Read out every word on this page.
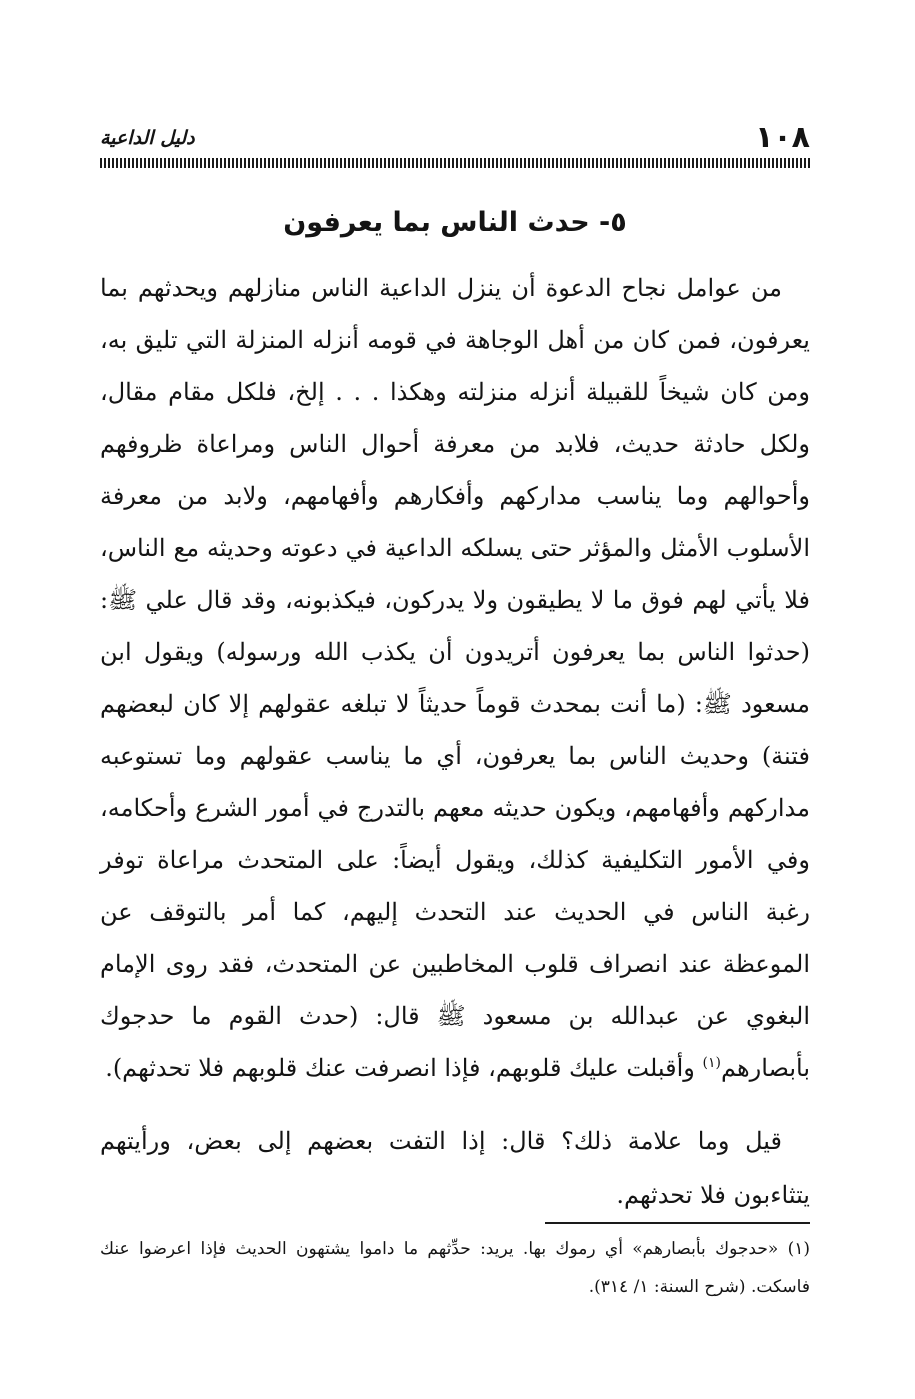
١٠٨
دليل الداعية
٥- حدث الناس بما يعرفون

من عوامل نجاح الدعوة أن ينزل الداعية الناس منازلهم ويحدثهم بما يعرفون، فمن كان من أهل الوجاهة في قومه أنزله المنزلة التي تليق به، ومن كان شيخاً للقبيلة أنزله منزلته وهكذا . . . إلخ، فلكل مقام مقال، ولكل حادثة حديث، فلابد من معرفة أحوال الناس ومراعاة ظروفهم وأحوالهم وما يناسب مداركهم وأفكارهم وأفهامهم، ولابد من معرفة الأسلوب الأمثل والمؤثر حتى يسلكه الداعية في دعوته وحديثه مع الناس، فلا يأتي لهم فوق ما لا يطيقون ولا يدركون، فيكذبونه، وقد قال علي ﷺ: (حدثوا الناس بما يعرفون أتريدون أن يكذب الله ورسوله) ويقول ابن مسعود ﷺ: (ما أنت بمحدث قوماً حديثاً لا تبلغه عقولهم إلا كان لبعضهم فتنة) وحديث الناس بما يعرفون، أي ما يناسب عقولهم وما تستوعبه مداركهم وأفهامهم، ويكون حديثه معهم بالتدرج في أمور الشرع وأحكامه، وفي الأمور التكليفية كذلك، ويقول أيضاً: على المتحدث مراعاة توفر رغبة الناس في الحديث عند التحدث إليهم، كما أمر بالتوقف عن الموعظة عند انصراف قلوب المخاطبين عن المتحدث، فقد روى الإمام البغوي عن عبدالله بن مسعود ﷺ قال: (حدث القوم ما حدجوك بأبصارهم$^{(١)}$ وأقبلت عليك قلوبهم، فإذا انصرفت عنك قلوبهم فلا تحدثهم).

قيل وما علامة ذلك؟ قال: إذا التفت بعضهم إلى بعض، ورأيتهم يتثاءبون فلا تحدثهم.

(١) «حدجوك بأبصارهم» أي رموك بها. يريد: حدِّثهم ما داموا يشتهون الحديث فإذا اعرضوا عنك فاسكت. (شرح السنة: ١/ ٣١٤).
